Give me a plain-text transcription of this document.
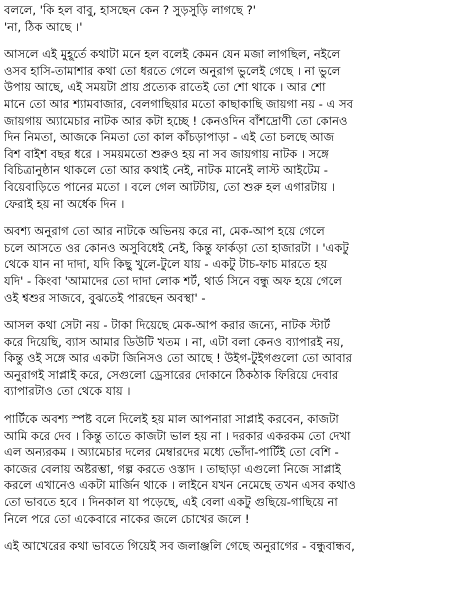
বললে, 'কি হল বাবু, হাসছেন কেন ? সুড়সুড়ি লাগছে ?'
'না, ঠিক আছে ।'
আসলে এই মুহূর্তে কথাটা মনে হল বলেই কেমন যেন মজা লাগছিল, নইলে
ওসব হাসি-তামাশার কথা তো ধরতে গেলে অনুরাগ ভুলেই গেছে । না ভুলে
উপায় আছে, এই সময়টা প্রায় প্রত্যেক রাতেই তো শো থাকে । আর শো
মানে তো আর শ্যামবাজার, বেলগাছিয়ার মতো কাছাকাছি জায়গা নয় - এ সব
জায়গায় অ্যামেচার নাটক আর কটা হচ্ছে ! কেনওদিন বাঁশদ্রোণী তো কোনও
দিন নিমতা, আজকে নিমতা তো কাল কাঁচড়াপাড়া - এই তো চলছে আজ
বিশ বাইশ বছর ধরে । সময়মতো শুরুও হয় না সব জায়গায় নাটক । সঙ্গে
বিচিত্রানুষ্ঠান থাকলে তো আর কথাই নেই, নাটক মানেই লাস্ট আইটেম -
বিয়েবাড়িতে পানের মতো । বলে গেল আটটায়, তো শুরু হল এগারটায় ।
ফেরাই হয় না অর্ধেক দিন ।
অবশ্য অনুরাগ তো আর নাটকে অভিনয় করে না, মেক-আপ হয়ে গেলে
চলে আসতে ওর কোনও অসুবিধেই নেই, কিন্তু ফার্কড়া তো হাজারটা । 'একটু
থেকে যান না দাদা, যদি কিছু খুলে-টুলে যায় - একটু টাচ-ফাচ মারতে হয়
যদি' - কিংবা 'আমাদের তো দাদা লোক শর্ট, থার্ড সিনে বন্ধু অফ হয়ে গেলে
ওই শ্বশুর সাজবে, বুঝতেই পারছেন অবস্থা' -
আসল কথা সেটা নয় - টাকা দিয়েছে মেক-আপ করার জন্যে, নাটক স্টার্ট
করে দিয়েছি, ব্যাস আমার ডিউটি খতম । না, এটা বলা কেনও ব্যাপারই নয়,
কিন্তু ওই সঙ্গে আর একটা জিনিসও তো আছে ! উইগ-টুইগগুলো তো আবার
অনুরাগই সাপ্লাই করে, সেগুলো ড্রেসারের দোকানে ঠিকঠাক ফিরিয়ে দেবার
ব্যাপারটাও তো থেকে যায় ।
পার্টিকে অবশ্য স্পষ্ট বলে দিলেই হয় মাল আপনারা সাপ্লাই করবেন, কাজটা
আমি করে দেব । কিন্তু তাতে কাজটা ভাল হয় না । দরকার একরকম তো দেখা
এল অন্যরকম । অ্যামেচার দলের মেম্বারদের মধ্যে ভোঁদা-পার্টিই তো বেশি -
কাজের বেলায় অষ্টরম্ভা, গল্প করতে ওস্তাদ । তাছাড়া এগুলো নিজে সাপ্লাই
করলে এখানেও একটা মার্জিন থাকে । লাইনে যখন নেমেছে তখন এসব কথাও
তো ভাবতে হবে । দিনকাল যা পড়েছে, এই বেলা একটু গুছিয়ে-গাছিয়ে না
নিলে পরে তো একেবারে নাকের জলে চোখের জলে !
এই আখেরের কথা ভাবতে গিয়েই সব জলাঞ্জলি গেছে অনুরাগের - বন্ধুবান্ধব,
